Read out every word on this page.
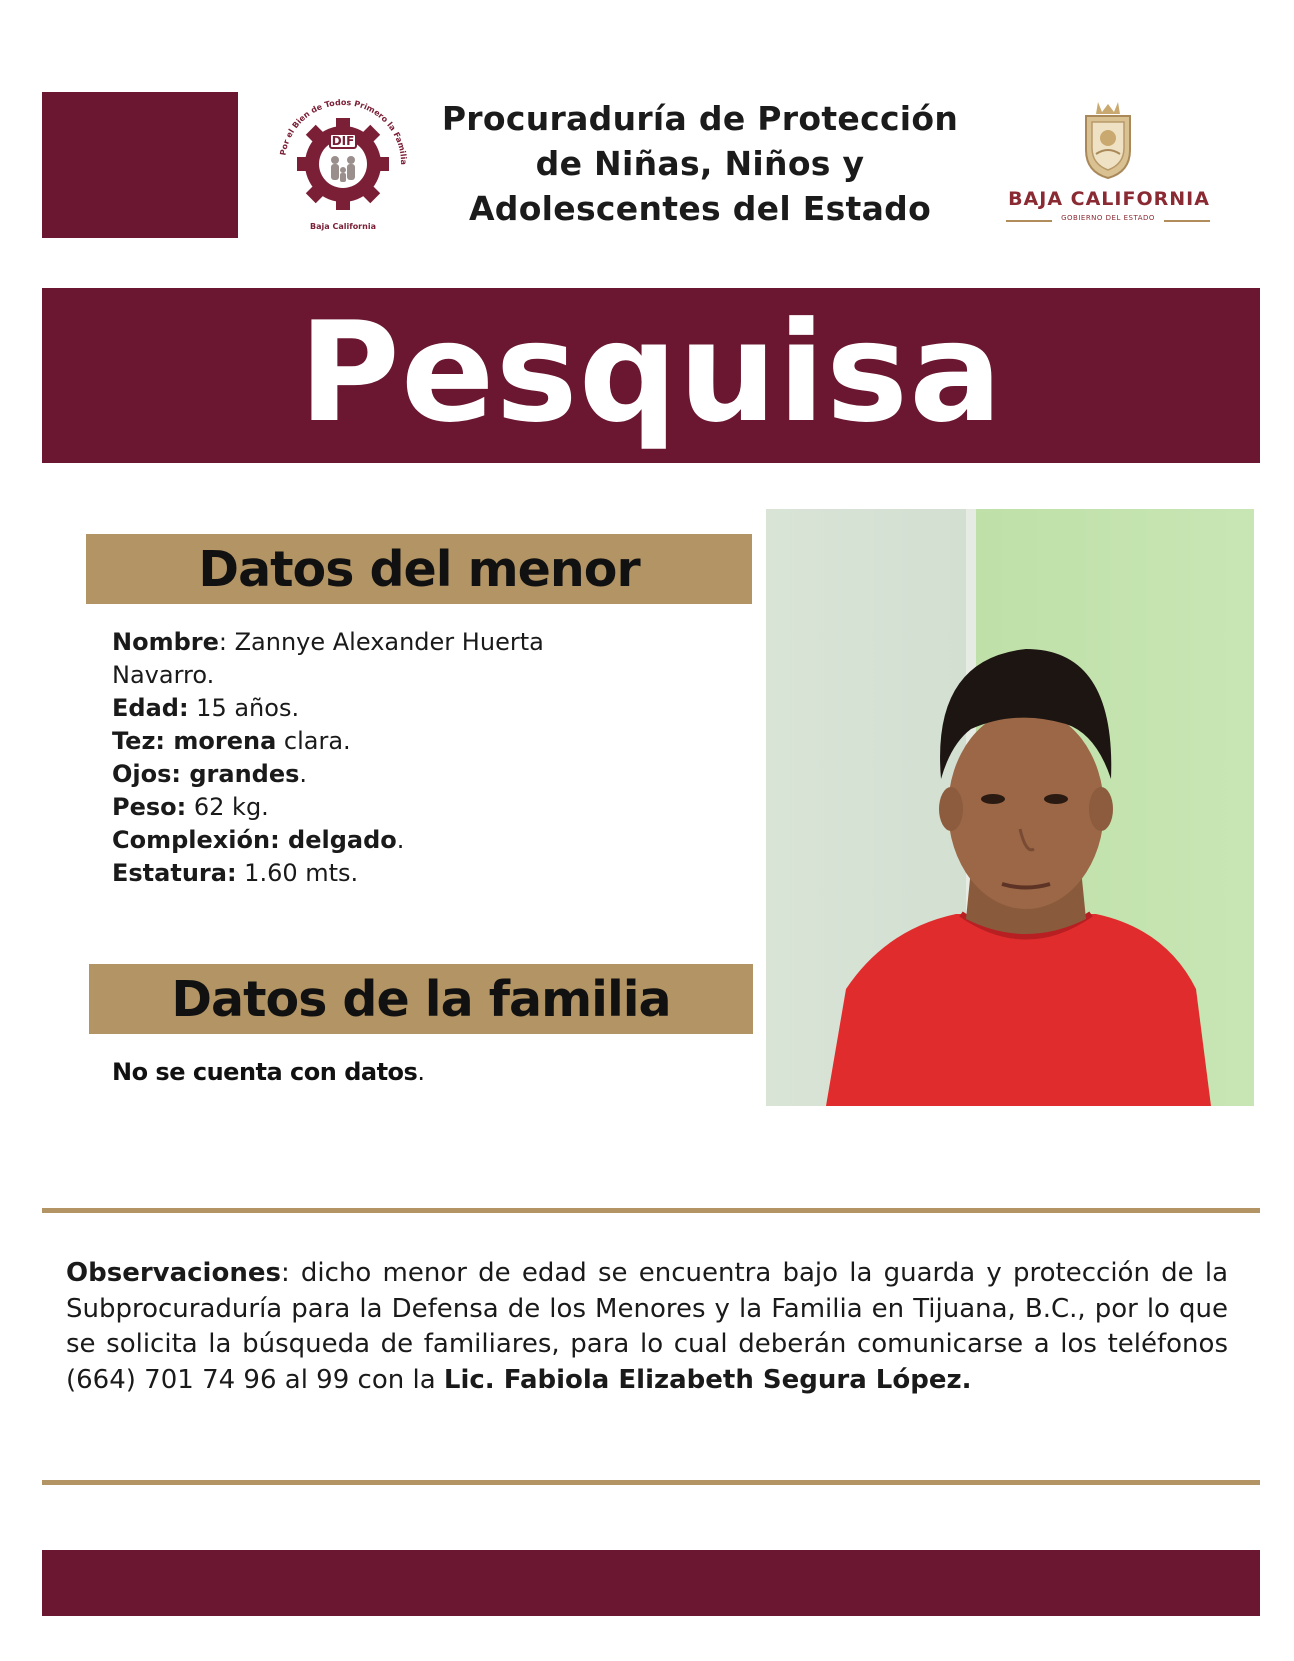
DIF
Por el Bien de Todos Primero la Familia
Baja California
Procuraduría de Protección
de Niñas, Niños y
Adolescentes del Estado	BAJA CALIFORNIA
GOBIERNO DEL ESTADO
Pesquisa
Datos del menor
Nombre: Zannye Alexander Huerta Navarro.
Edad: 15 años.
Tez: morena clara.
Ojos: grandes.
Peso: 62 kg.
Complexión: delgado.
Estatura: 1.60 mts.
Datos de la familia
No se cuenta con datos.
Observaciones: dicho menor de edad se encuentra bajo la guarda y protección de la Subprocuraduría para la Defensa de los Menores y la Familia en Tijuana, B.C., por lo que se solicita la búsqueda de familiares, para lo cual deberán comunicarse a los teléfonos (664) 701 74 96 al 99 con la Lic. Fabiola Elizabeth Segura López.
